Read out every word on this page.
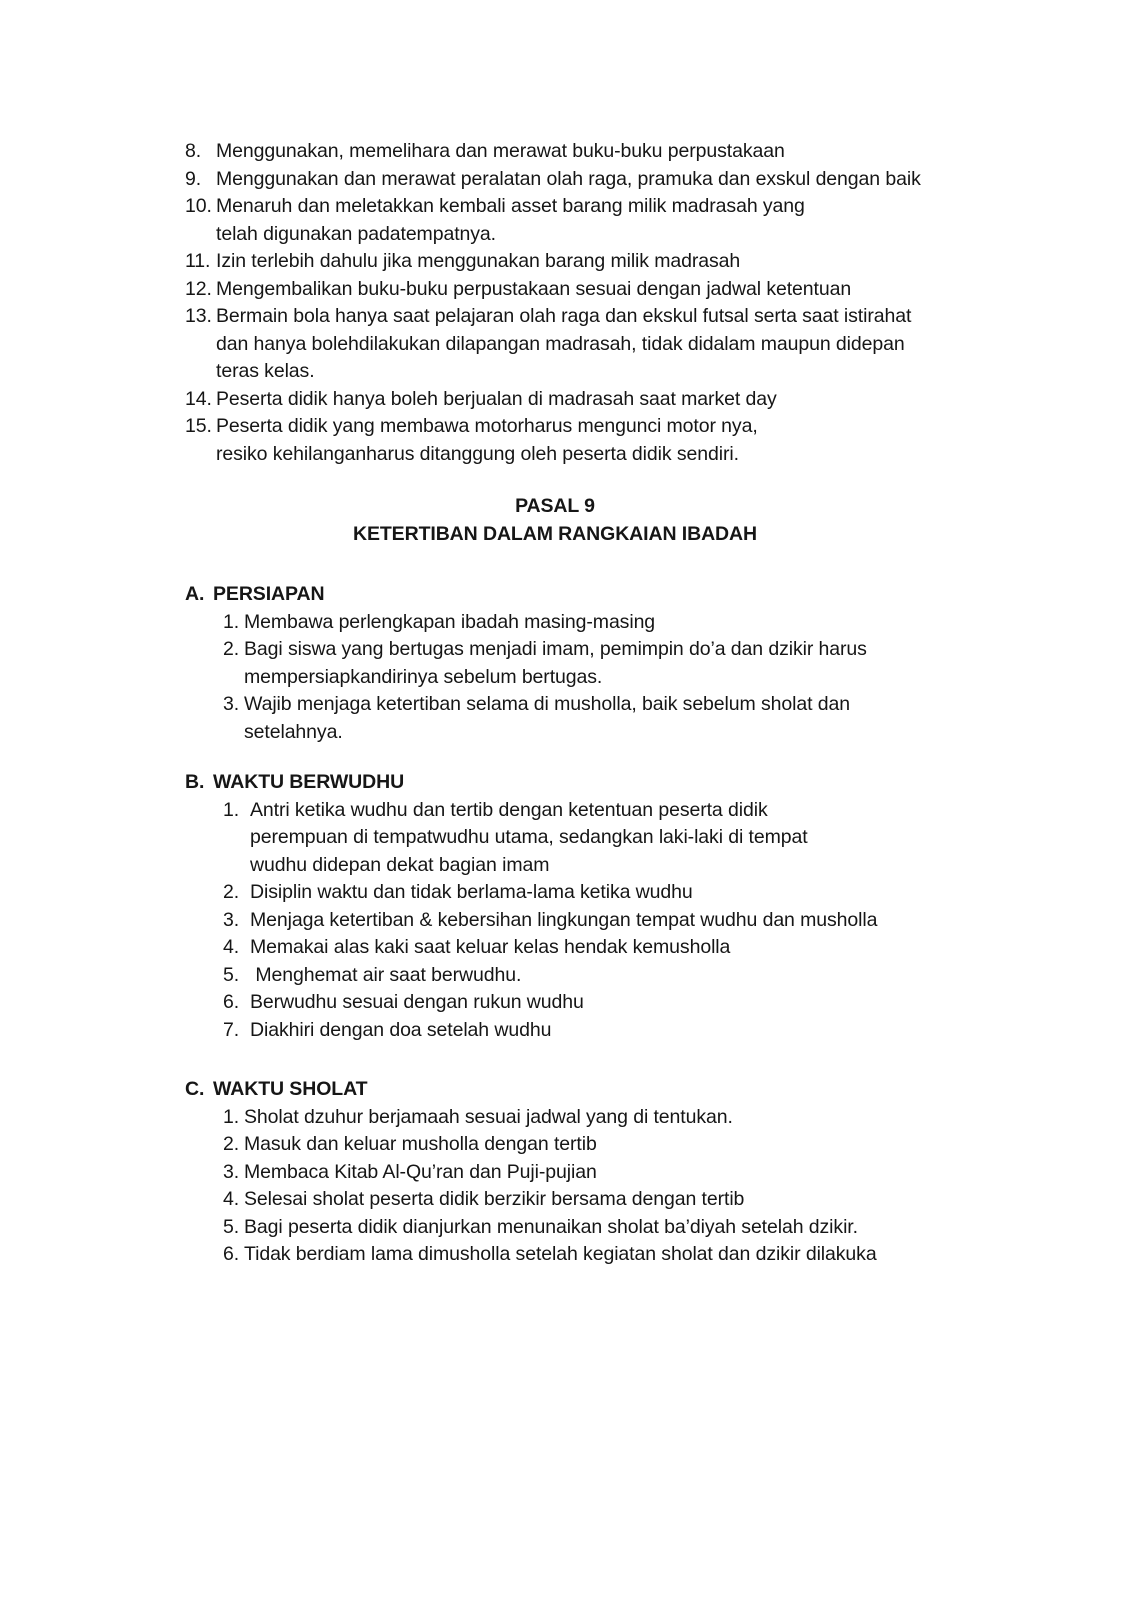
8. Menggunakan, memelihara dan merawat buku-buku perpustakaan
9. Menggunakan dan merawat peralatan olah raga, pramuka dan exskul dengan baik
10. Menaruh dan meletakkan kembali asset barang milik madrasah yang
telah digunakan padatempatnya.
11. Izin terlebih dahulu jika menggunakan barang milik madrasah
12. Mengembalikan buku-buku perpustakaan sesuai dengan jadwal ketentuan
13. Bermain bola hanya saat pelajaran olah raga dan ekskul futsal serta saat istirahat
dan hanya bolehdilakukan dilapangan madrasah, tidak didalam maupun didepan
teras kelas.
14. Peserta didik hanya boleh berjualan di madrasah saat market day
15. Peserta didik yang membawa motorharus mengunci motor nya,
resiko kehilanganharus ditanggung oleh peserta didik sendiri.
PASAL 9
KETERTIBAN DALAM RANGKAIAN IBADAH
A. PERSIAPAN
1. Membawa perlengkapan ibadah masing-masing
2. Bagi siswa yang bertugas menjadi imam, pemimpin do’a dan dzikir harus
mempersiapkandirinya sebelum bertugas.
3. Wajib menjaga ketertiban selama di musholla, baik sebelum sholat dan
setelahnya.
B. WAKTU BERWUDHU
1. Antri ketika wudhu dan tertib dengan ketentuan peserta didik
perempuan di tempatwudhu utama, sedangkan laki-laki di tempat
wudhu didepan dekat bagian imam
2. Disiplin waktu dan tidak berlama-lama ketika wudhu
3. Menjaga ketertiban & kebersihan lingkungan tempat wudhu dan musholla
4. Memakai alas kaki saat keluar kelas hendak kemusholla
5. Menghemat air saat berwudhu.
6. Berwudhu sesuai dengan rukun wudhu
7. Diakhiri dengan doa setelah wudhu
C. WAKTU SHOLAT
1. Sholat dzuhur berjamaah sesuai jadwal yang di tentukan.
2. Masuk dan keluar musholla dengan tertib
3. Membaca Kitab Al-Qu’ran dan Puji-pujian
4. Selesai sholat peserta didik berzikir bersama dengan tertib
5. Bagi peserta didik dianjurkan menunaikan sholat ba’diyah setelah dzikir.
6. Tidak berdiam lama dimusholla setelah kegiatan sholat dan dzikir dilakuka
